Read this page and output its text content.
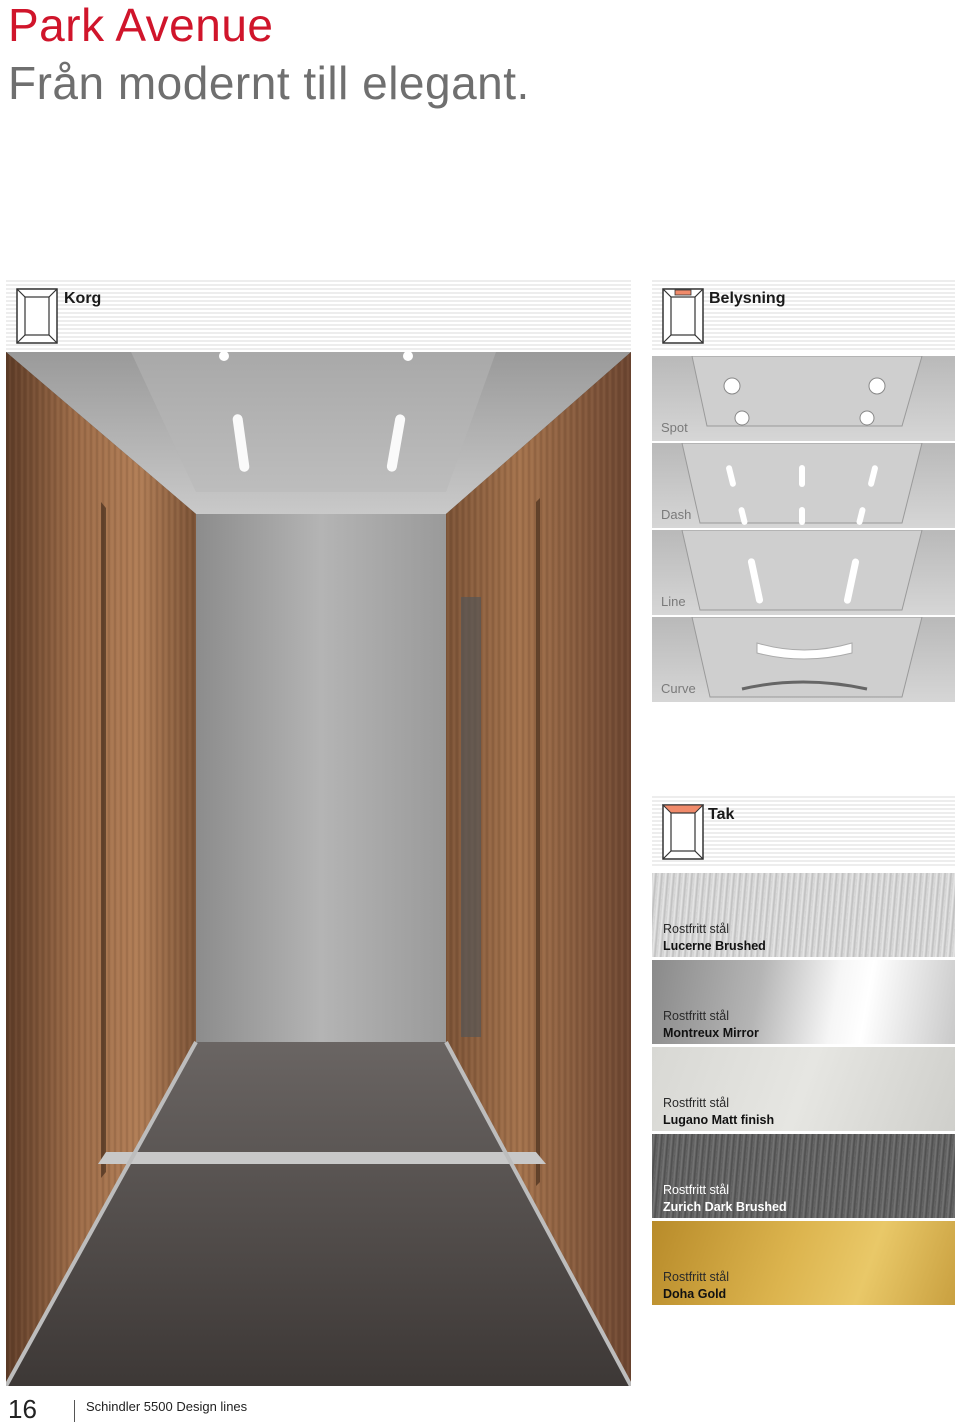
Park Avenue
Från modernt till elegant.
Korg	Belysning
Spot
Dash
Line
Curve
Tak
Rostfritt stål
Lucerne Brushed
Rostfritt stål
Montreux Mirror
Rostfritt stål
Lugano Matt finish
Rostfritt stål
Zurich Dark Brushed
Rostfritt stål
Doha Gold
16	Schindler 5500 Design lines
